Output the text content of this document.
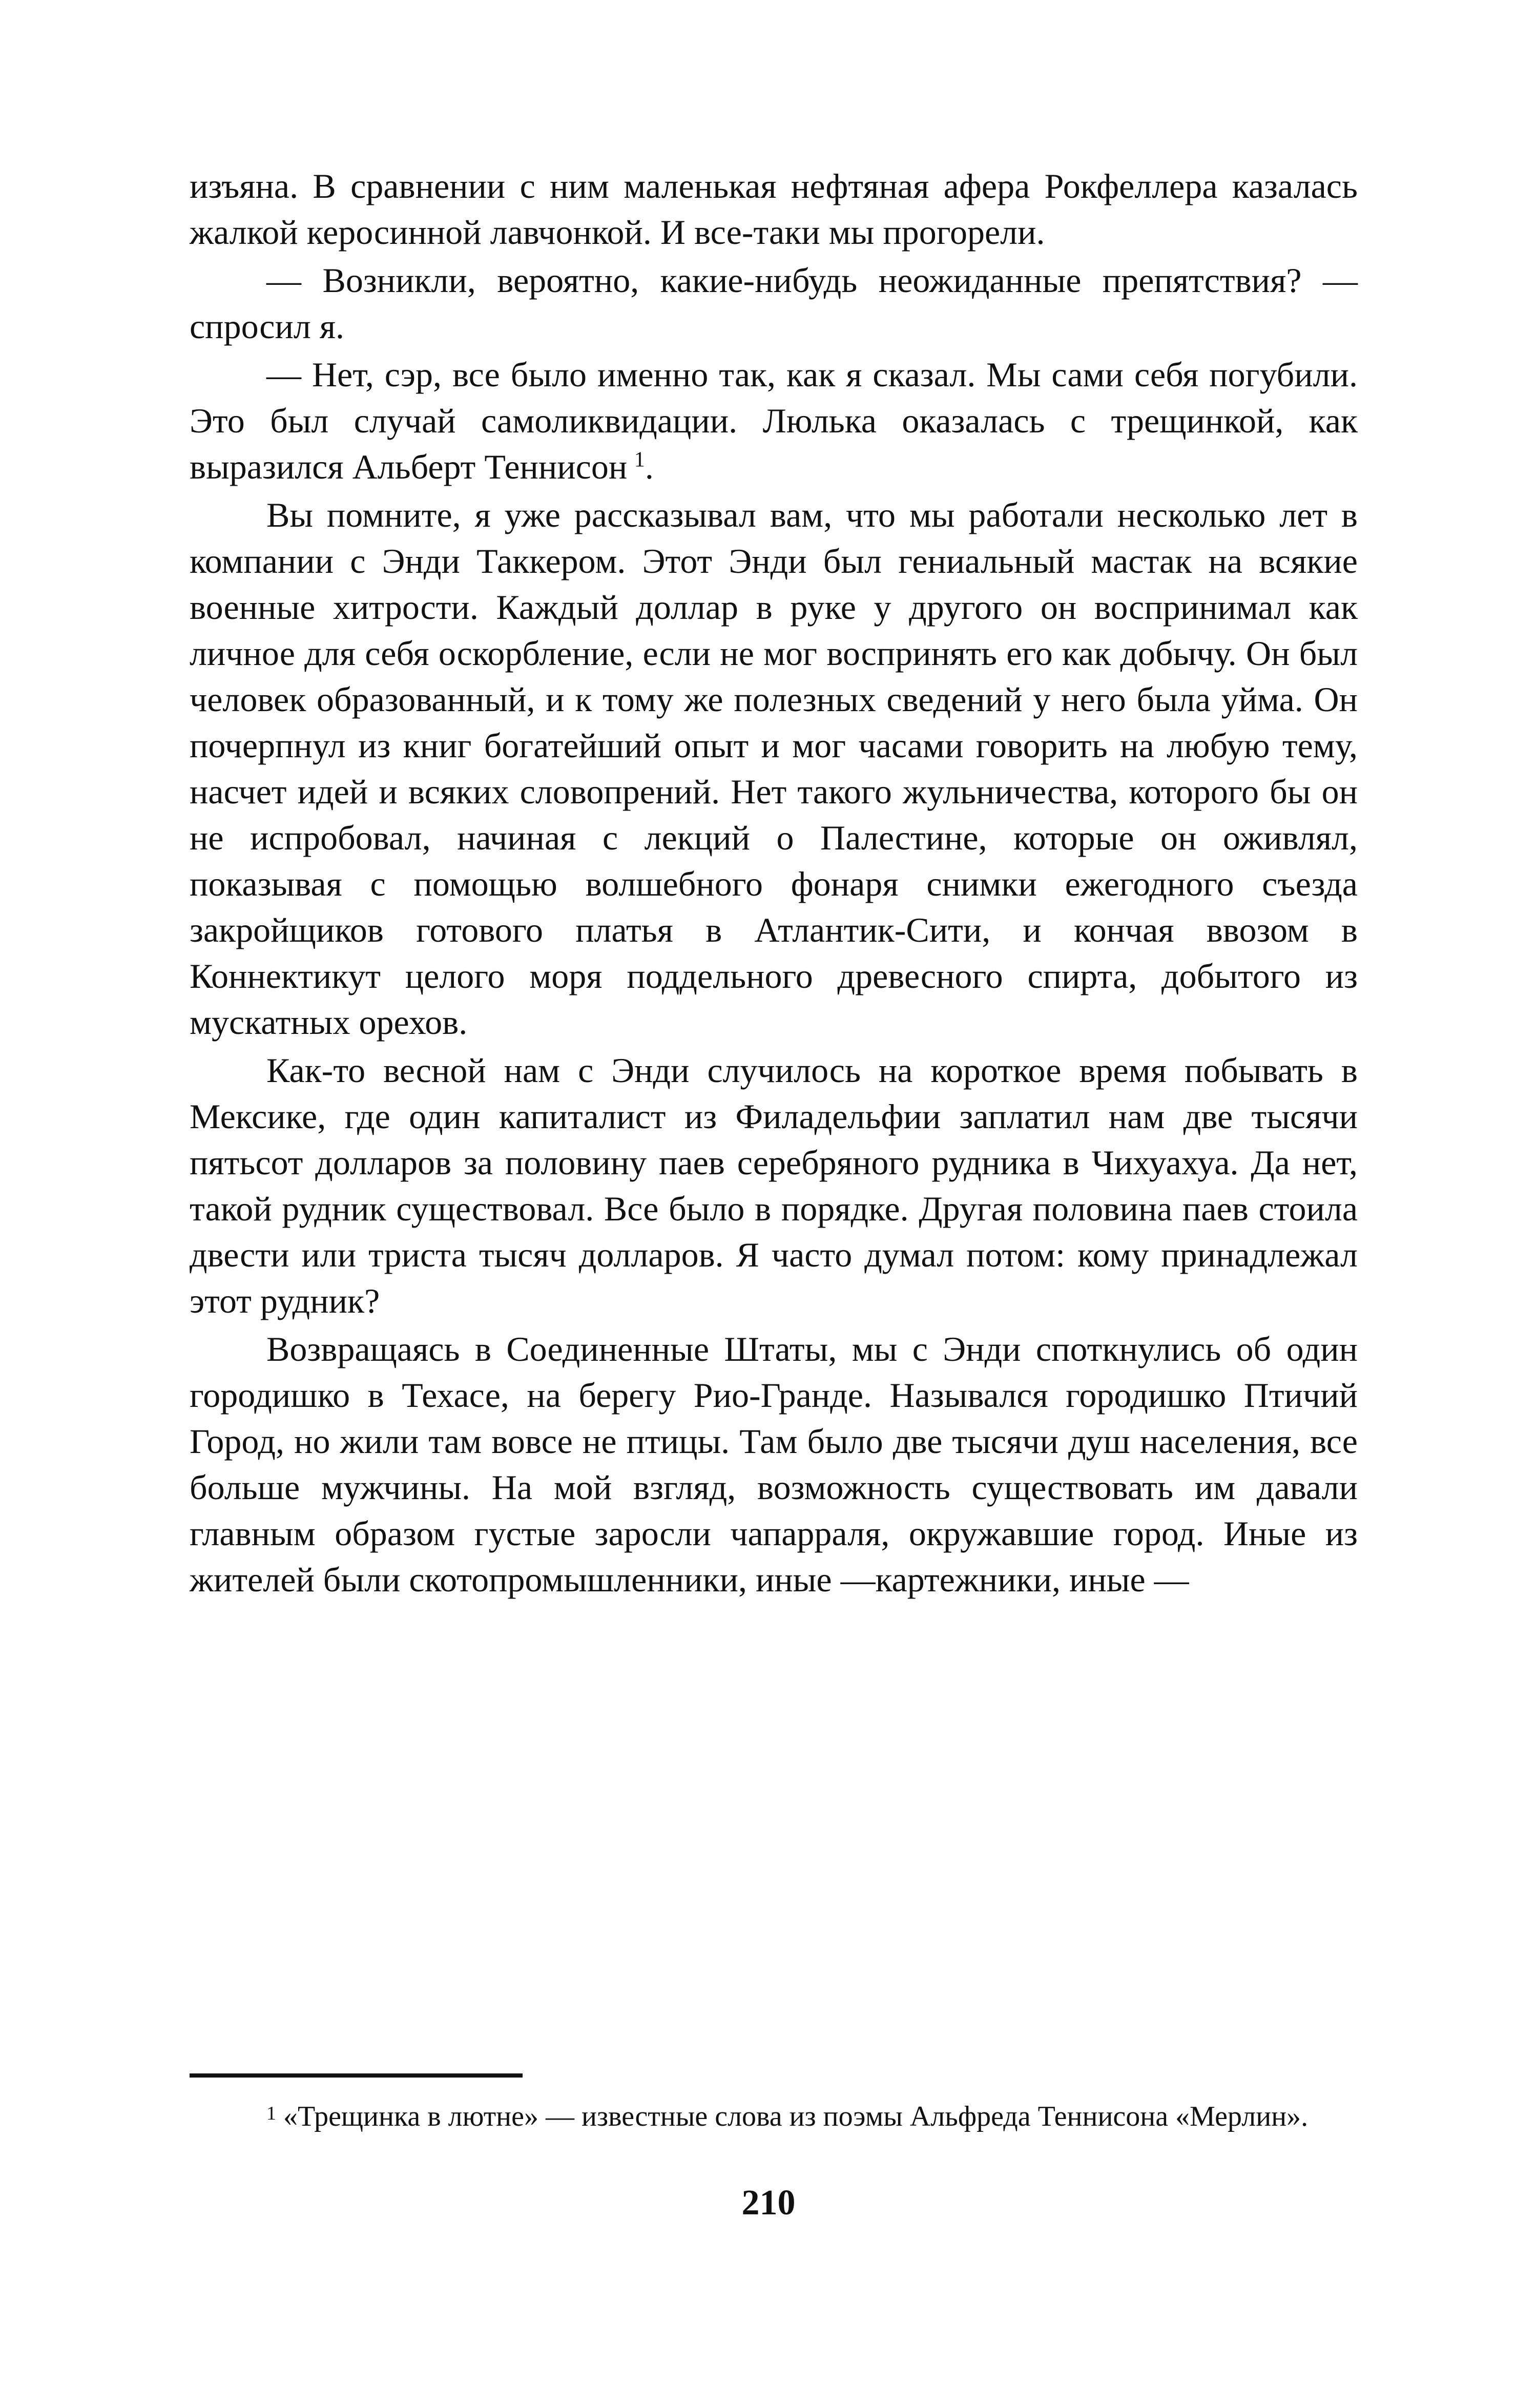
изъяна. В сравнении с ним маленькая нефтяная афера Рокфеллера казалась жалкой керосинной лавчонкой. И все-таки мы прогорели.

— Возникли, вероятно, какие-нибудь неожиданные препятствия? — спросил я.

— Нет, сэр, все было именно так, как я сказал. Мы сами себя погубили. Это был случай самоликвидации. Люлька оказалась с трещинкой, как выразился Альберт Теннисон  $^1$.

Вы помните, я уже рассказывал вам, что мы работали несколько лет в компании с Энди Таккером. Этот Энди был гениальный мастак на всякие военные хитрости. Каждый доллар в руке у другого он воспринимал как личное для себя оскорбление, если не мог воспринять его как добычу. Он был человек образованный, и к тому же полезных сведений у него была уйма. Он почерпнул из книг богатейший опыт и мог часами говорить на любую тему, насчет идей и всяких словопрений. Нет такого жульничества, которого бы он не испробовал, начиная с лекций о Палестине, которые он оживлял, показывая с помощью волшебного фонаря снимки ежегодного съезда закройщиков готового платья в Атлантик-Сити, и кончая ввозом в Коннектикут целого моря поддельного древесного спирта, добытого из мускатных орехов.

Как-то весной нам с Энди случилось на короткое время побывать в Мексике, где один капиталист из Филадельфии заплатил нам две тысячи пятьсот долларов за половину паев серебряного рудника в Чихуахуа. Да нет, такой рудник существовал. Все было в порядке. Другая половина паев стоила двести или триста тысяч долларов. Я часто думал потом: кому принадлежал этот рудник?

Возвращаясь в Соединенные Штаты, мы с Энди споткнулись об один городишко в Техасе, на берегу Рио-Гранде. Назывался городишко Птичий Город, но жили там вовсе не птицы. Там было две тысячи душ населения, все больше мужчины. На мой взгляд, возможность существовать им давали главным образом густые заросли чапарраля, окружавшие город. Иные из жителей были скотопромышленники, иные —картежники, иные —

$^1$ «Трещинка в лютне» — известные слова из поэмы Альфреда Теннисона «Мерлин».
210
